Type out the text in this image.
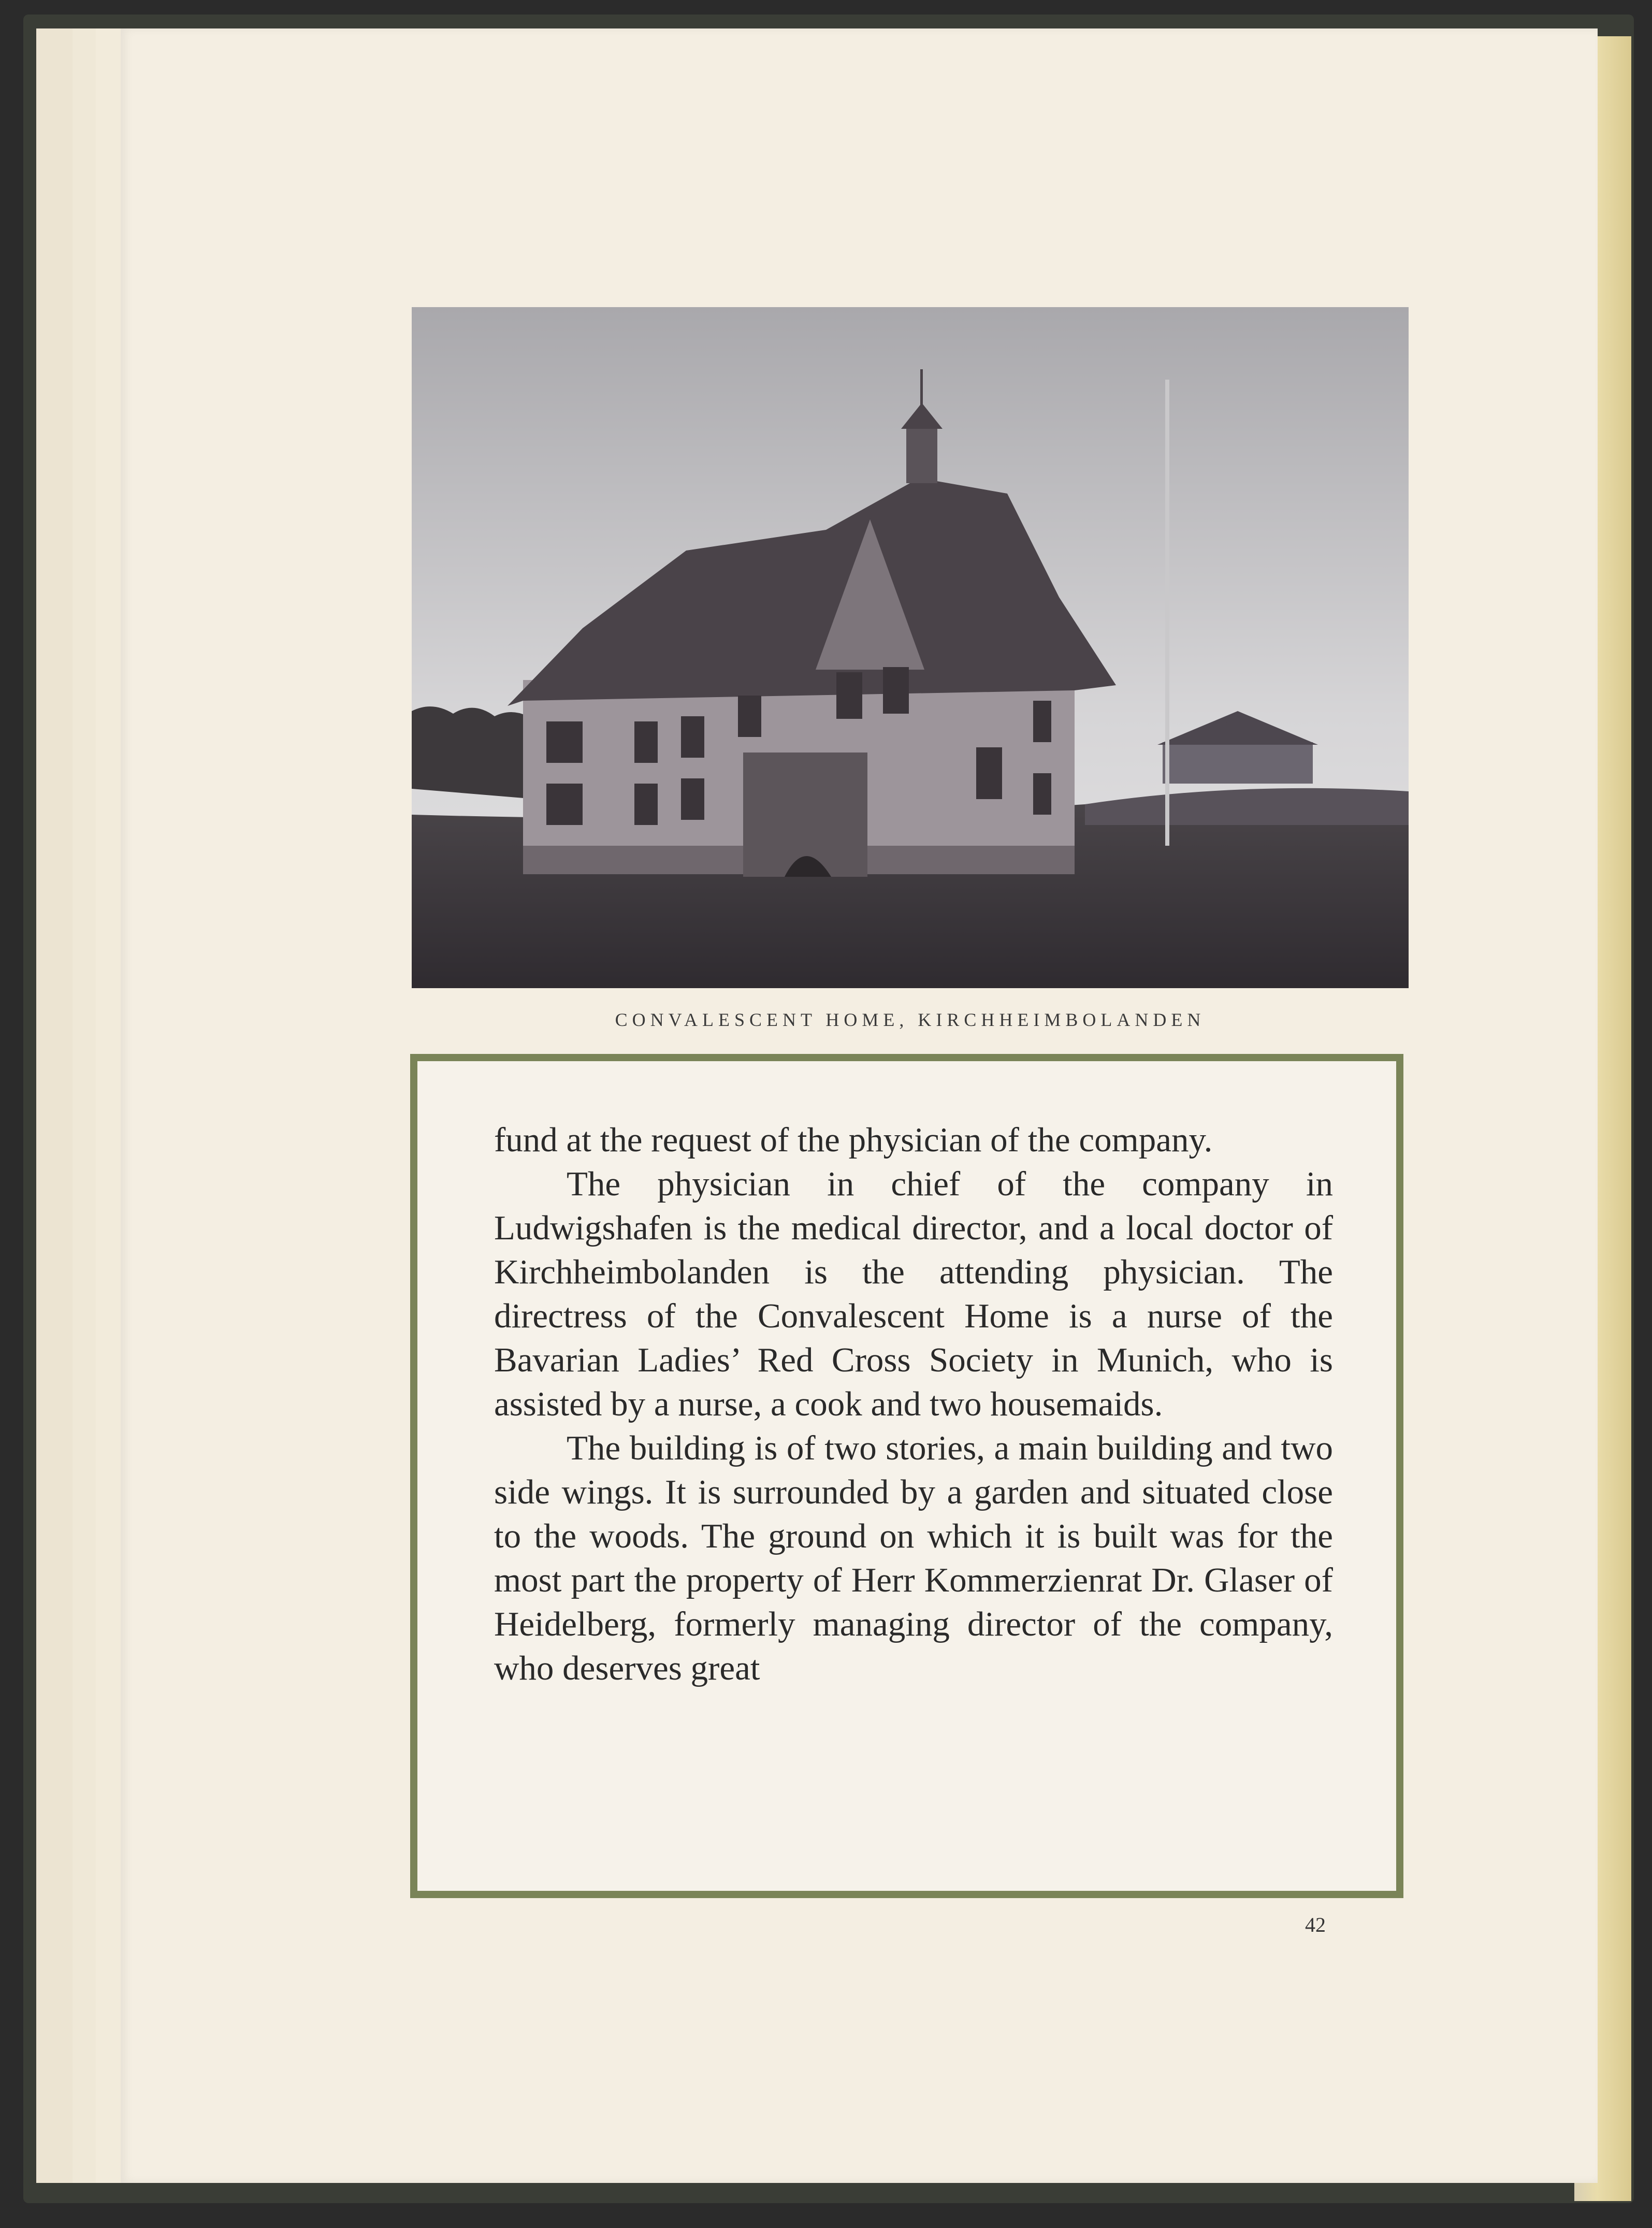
CONVALESCENT HOME, KIRCHHEIMBOLANDEN

fund at the request of the physician of the company.

The physician in chief of the company in Ludwigshafen is the medical director, and a local doctor of Kirchheimbolanden is the attending physician. The directress of the Convalescent Home is a nurse of the Bavarian Ladies’ Red Cross Society in Munich, who is assisted by a nurse, a cook and two housemaids.

The building is of two stories, a main building and two side wings. It is surrounded by a garden and situated close to the woods. The ground on which it is built was for the most part the property of Herr Kommerzienrat Dr. Glaser of Heidelberg, formerly managing director of the company, who deserves great

42
